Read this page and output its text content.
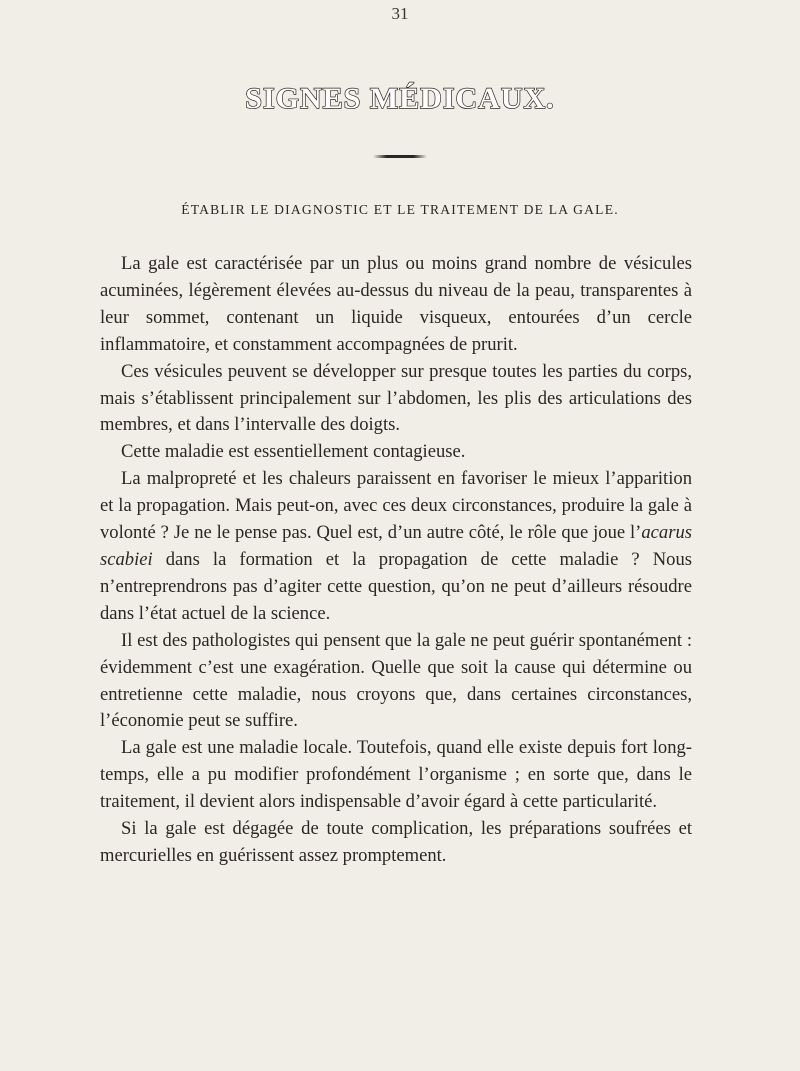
31
SIGNES MÉDICAUX.
ÉTABLIR LE DIAGNOSTIC ET LE TRAITEMENT DE LA GALE.

La gale est caractérisée par un plus ou moins grand nombre de vésicules acuminées, légèrement élevées au-dessus du niveau de la peau, transparentes à leur sommet, contenant un liquide visqueux, entourées d’un cercle inflammatoire, et constamment accompagnées de prurit.

Ces vésicules peuvent se développer sur presque toutes les parties du corps, mais s’établissent principalement sur l’abdomen, les plis des articulations des membres, et dans l’intervalle des doigts.

Cette maladie est essentiellement contagieuse.

La malpropreté et les chaleurs paraissent en favoriser le mieux l’apparition et la propagation. Mais peut-on, avec ces deux circonstances, produire la gale à volonté ? Je ne le pense pas. Quel est, d’un autre côté, le rôle que joue l’acarus scabiei dans la formation et la propagation de cette maladie ? Nous n’entreprendrons pas d’agiter cette question, qu’on ne peut d’ailleurs résoudre dans l’état actuel de la science.

Il est des pathologistes qui pensent que la gale ne peut guérir spontanément : évidemment c’est une exagération. Quelle que soit la cause qui détermine ou entretienne cette maladie, nous croyons que, dans certaines circonstances, l’économie peut se suffire.

La gale est une maladie locale. Toutefois, quand elle existe depuis fort long-temps, elle a pu modifier profondément l’organisme ; en sorte que, dans le traitement, il devient alors indispensable d’avoir égard à cette particularité.

Si la gale est dégagée de toute complication, les préparations soufrées et mercurielles en guérissent assez promptement.
